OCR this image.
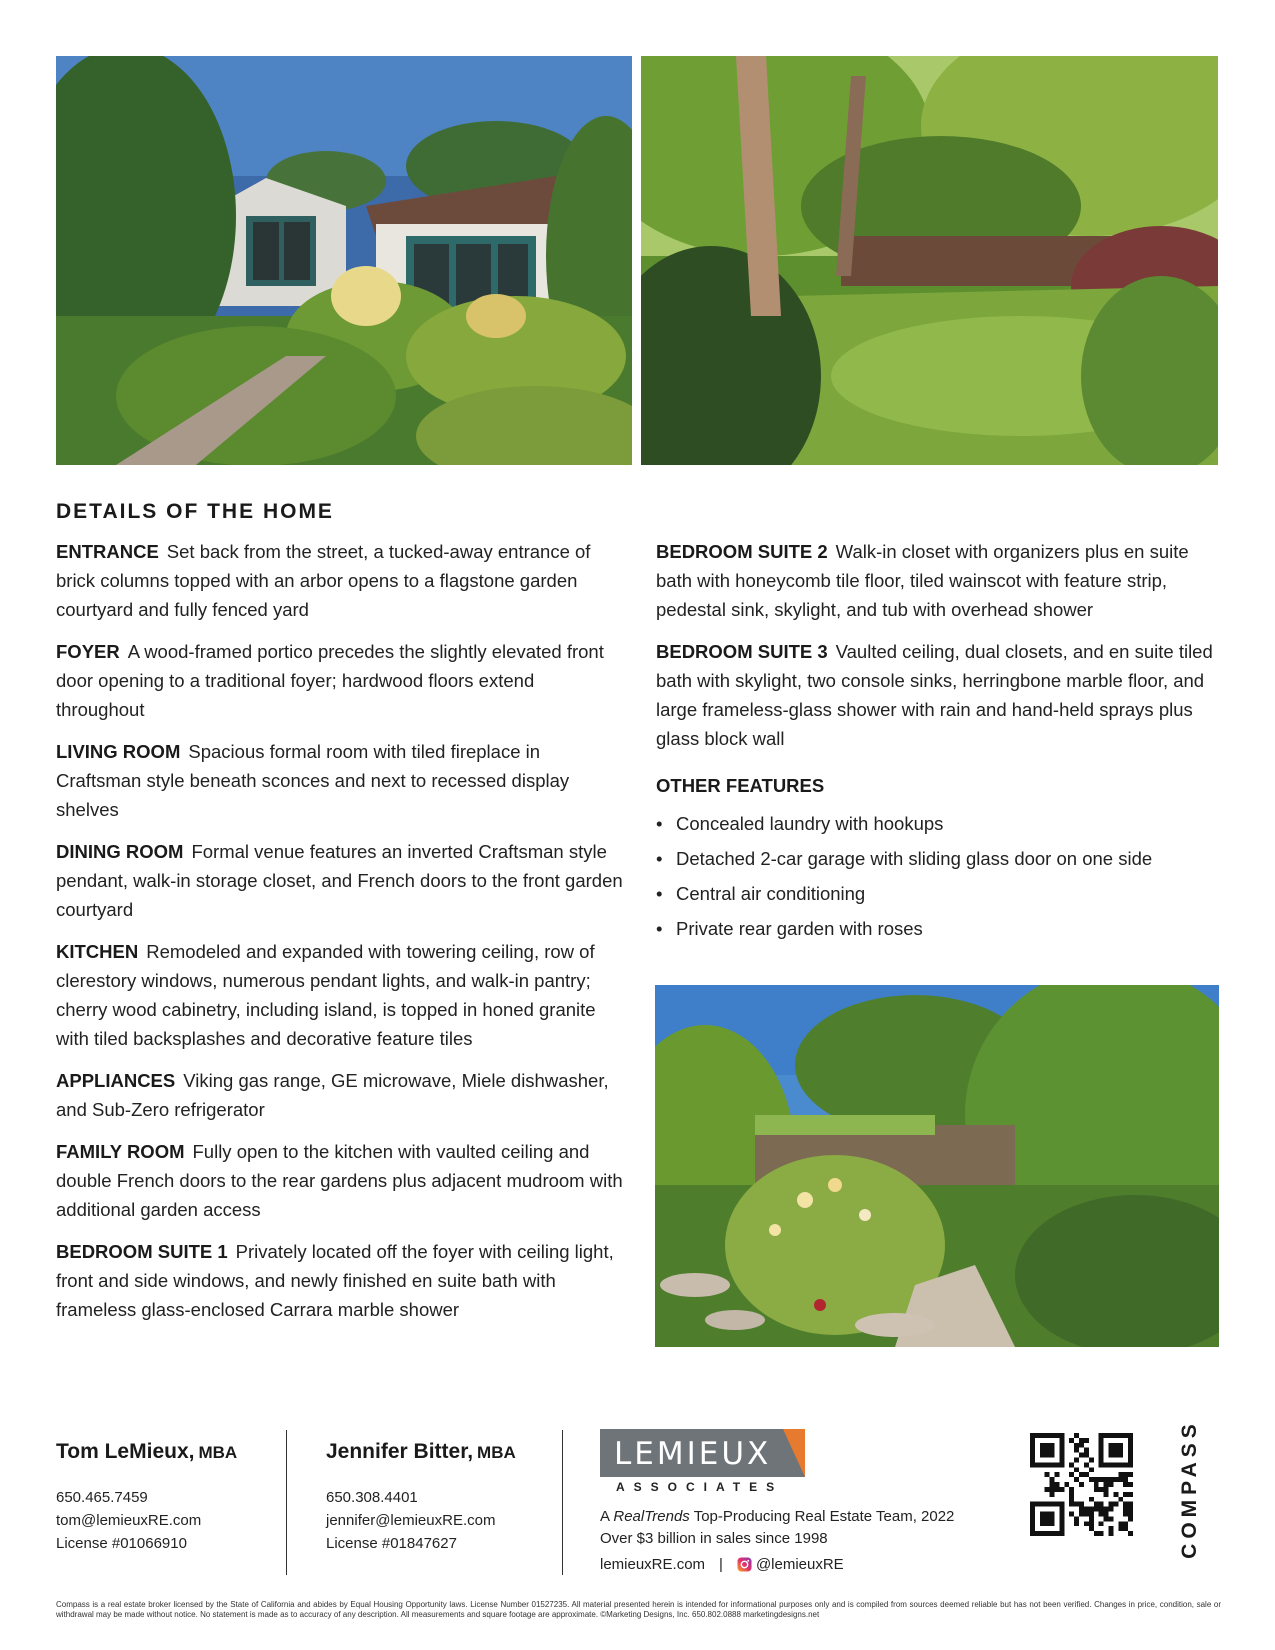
DETAILS OF THE HOME

ENTRANCE Set back from the street, a tucked-away entrance of brick columns topped with an arbor opens to a flagstone garden courtyard and fully fenced yard

FOYER A wood-framed portico precedes the slightly elevated front door opening to a traditional foyer; hardwood floors extend throughout

LIVING ROOM Spacious formal room with tiled fireplace in Craftsman style beneath sconces and next to recessed display shelves

DINING ROOM Formal venue features an inverted Craftsman style pendant, walk-in storage closet, and French doors to the front garden courtyard

KITCHEN Remodeled and expanded with towering ceiling, row of clerestory windows, numerous pendant lights, and walk-in pantry; cherry wood cabinetry, including island, is topped in honed granite with tiled backsplashes and decorative feature tiles

APPLIANCES Viking gas range, GE microwave, Miele dishwasher, and Sub-Zero refrigerator

FAMILY ROOM Fully open to the kitchen with vaulted ceiling and double French doors to the rear gardens plus adjacent mudroom with additional garden access

BEDROOM SUITE 1 Privately located off the foyer with ceiling light, front and side windows, and newly finished en suite bath with frameless glass-enclosed Carrara marble shower

BEDROOM SUITE 2 Walk-in closet with organizers plus en suite bath with honeycomb tile floor, tiled wainscot with feature strip, pedestal sink, skylight, and tub with overhead shower

BEDROOM SUITE 3 Vaulted ceiling, dual closets, and en suite tiled bath with skylight, two console sinks, herringbone marble floor, and large frameless-glass shower with rain and hand-held sprays plus glass block wall

OTHER FEATURES
• Concealed laundry with hookups
• Detached 2-car garage with sliding glass door on one side
• Central air conditioning
• Private rear garden with roses
Tom LeMieux, MBA
650.465.7459
tom@lemieuxRE.com
License #01066910
Jennifer Bitter, MBA
650.308.4401
jennifer@lemieuxRE.com
License #01847627
LEMIEUX
ASSOCIATES
A RealTrends Top-Producing Real Estate Team, 2022
Over $3 billion in sales since 1998
lemieuxRE.com | @lemieuxRE
COMPASS
Compass is a real estate broker licensed by the State of California and abides by Equal Housing Opportunity laws. License Number 01527235. All material presented herein is intended for informational purposes only and is compiled from sources deemed reliable but has not been verified. Changes in price, condition, sale or withdrawal may be made without notice. No statement is made as to accuracy of any description. All measurements and square footage are approximate. ©Marketing Designs, Inc. 650.802.0888 marketingdesigns.net
